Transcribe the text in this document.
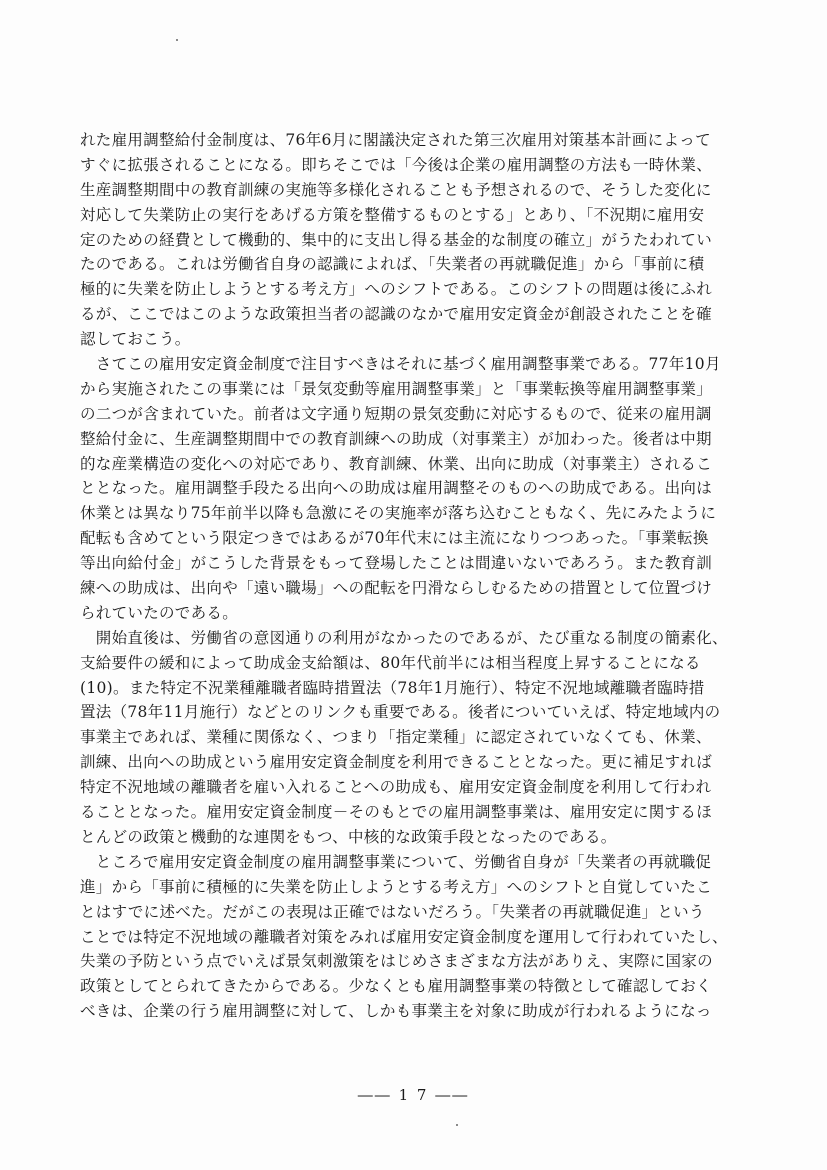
れた雇用調整給付金制度は、76年6月に閣議決定された第三次雇用対策基本計画によって
すぐに拡張されることになる。即ちそこでは「今後は企業の雇用調整の方法も一時休業、
生産調整期間中の教育訓練の実施等多様化されることも予想されるので、そうした変化に
対応して失業防止の実行をあげる方策を整備するものとする」とあり、「不況期に雇用安
定のための経費として機動的、集中的に支出し得る基金的な制度の確立」がうたわれてい
たのである。これは労働省自身の認識によれば、「失業者の再就職促進」から「事前に積
極的に失業を防止しようとする考え方」へのシフトである。このシフトの問題は後にふれ
るが、ここではこのような政策担当者の認識のなかで雇用安定資金が創設されたことを確
認しておこう。
　さてこの雇用安定資金制度で注目すべきはそれに基づく雇用調整事業である。77年10月
から実施されたこの事業には「景気変動等雇用調整事業」と「事業転換等雇用調整事業」
の二つが含まれていた。前者は文字通り短期の景気変動に対応するもので、従来の雇用調
整給付金に、生産調整期間中での教育訓練への助成（対事業主）が加わった。後者は中期
的な産業構造の変化への対応であり、教育訓練、休業、出向に助成（対事業主）されるこ
ととなった。雇用調整手段たる出向への助成は雇用調整そのものへの助成である。出向は
休業とは異なり75年前半以降も急激にその実施率が落ち込むこともなく、先にみたように
配転も含めてという限定つきではあるが70年代末には主流になりつつあった。「事業転換
等出向給付金」がこうした背景をもって登場したことは間違いないであろう。また教育訓
練への助成は、出向や「遠い職場」への配転を円滑ならしむるための措置として位置づけ
られていたのである。
　開始直後は、労働省の意図通りの利用がなかったのであるが、たび重なる制度の簡素化、
支給要件の緩和によって助成金支給額は、80年代前半には相当程度上昇することになる
(10)。また特定不況業種離職者臨時措置法（78年1月施行）、特定不況地域離職者臨時措
置法（78年11月施行）などとのリンクも重要である。後者についていえば、特定地域内の
事業主であれば、業種に関係なく、つまり「指定業種」に認定されていなくても、休業、
訓練、出向への助成という雇用安定資金制度を利用できることとなった。更に補足すれば
特定不況地域の離職者を雇い入れることへの助成も、雇用安定資金制度を利用して行われ
ることとなった。雇用安定資金制度－そのもとでの雇用調整事業は、雇用安定に関するほ
とんどの政策と機動的な連関をもつ、中核的な政策手段となったのである。
　ところで雇用安定資金制度の雇用調整事業について、労働省自身が「失業者の再就職促
進」から「事前に積極的に失業を防止しようとする考え方」へのシフトと自覚していたこ
とはすでに述べた。だがこの表現は正確ではないだろう。「失業者の再就職促進」という
ことでは特定不況地域の離職者対策をみれば雇用安定資金制度を運用して行われていたし、
失業の予防という点でいえば景気刺激策をはじめさまざまな方法がありえ、実際に国家の
政策としてとられてきたからである。少なくとも雇用調整事業の特徴として確認しておく
べきは、企業の行う雇用調整に対して、しかも事業主を対象に助成が行われるようになっ
―― 1 7 ――
